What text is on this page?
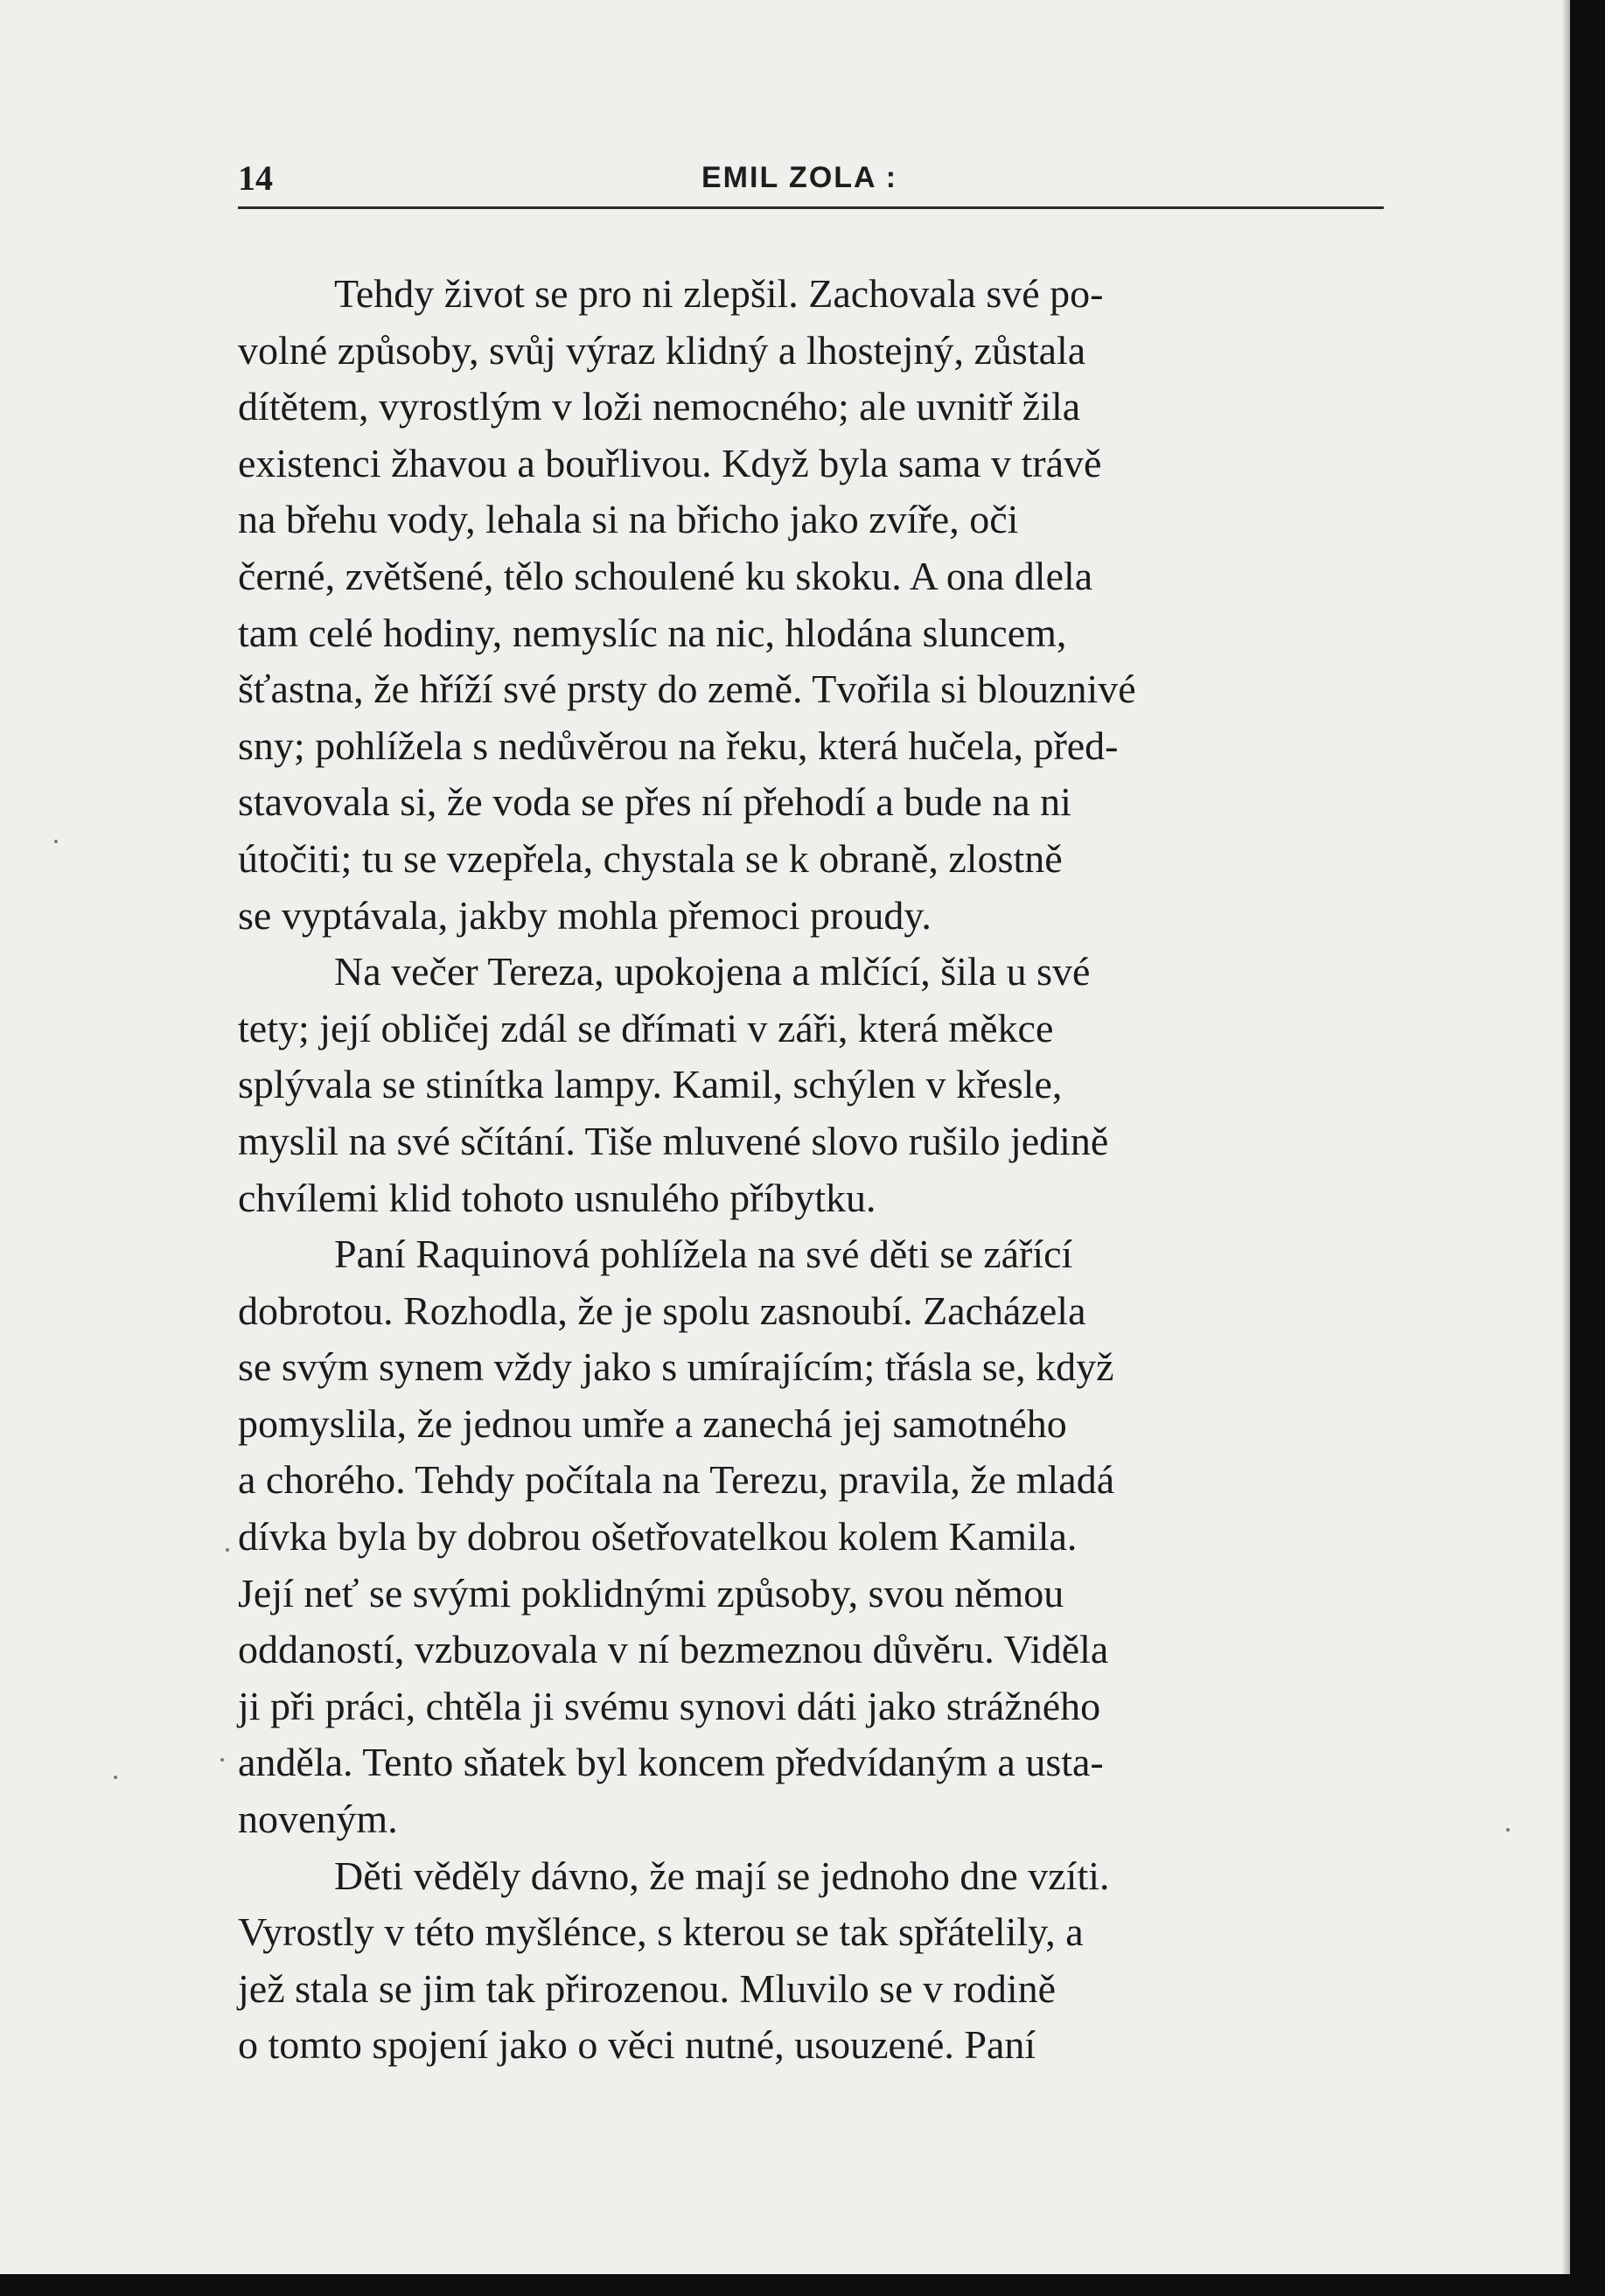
14	EMIL ZOLA :

Tehdy život se pro ni zlepšil. Zachovala své po-
volné způsoby, svůj výraz klidný a lhostejný, zůstala
dítětem, vyrostlým v loži nemocného; ale uvnitř žila
existenci žhavou a bouřlivou. Když byla sama v trávě
na břehu vody, lehala si na břicho jako zvíře, oči
černé, zvětšené, tělo schoulené ku skoku. A ona dlela
tam celé hodiny, nemyslíc na nic, hlodána sluncem,
šťastna, že hříží své prsty do země. Tvořila si blouznivé
sny; pohlížela s nedůvěrou na řeku, která hučela, před-
stavovala si, že voda se přes ní přehodí a bude na ni
útočiti; tu se vzepřela, chystala se k obraně, zlostně
se vyptávala, jakby mohla přemoci proudy.

Na večer Tereza, upokojena a mlčící, šila u své
tety; její obličej zdál se dřímati v záři, která měkce
splývala se stinítka lampy. Kamil, schýlen v křesle,
myslil na své sčítání. Tiše mluvené slovo rušilo jedině
chvílemi klid tohoto usnulého příbytku.

Paní Raquinová pohlížela na své děti se zářící
dobrotou. Rozhodla, že je spolu zasnoubí. Zacházela
se svým synem vždy jako s umírajícím; třásla se, když
pomyslila, že jednou umře a zanechá jej samotného
a chorého. Tehdy počítala na Terezu, pravila, že mladá
dívka byla by dobrou ošetřovatelkou kolem Kamila.
Její neť se svými poklidnými způsoby, svou němou
oddaností, vzbuzovala v ní bezmeznou důvěru. Viděla
ji při práci, chtěla ji svému synovi dáti jako strážného
anděla. Tento sňatek byl koncem předvídaným a usta-
noveným.

Děti věděly dávno, že mají se jednoho dne vzíti.
Vyrostly v této myšlénce, s kterou se tak spřátelily, a
jež stala se jim tak přirozenou. Mluvilo se v rodině
o tomto spojení jako o věci nutné, usouzené. Paní
